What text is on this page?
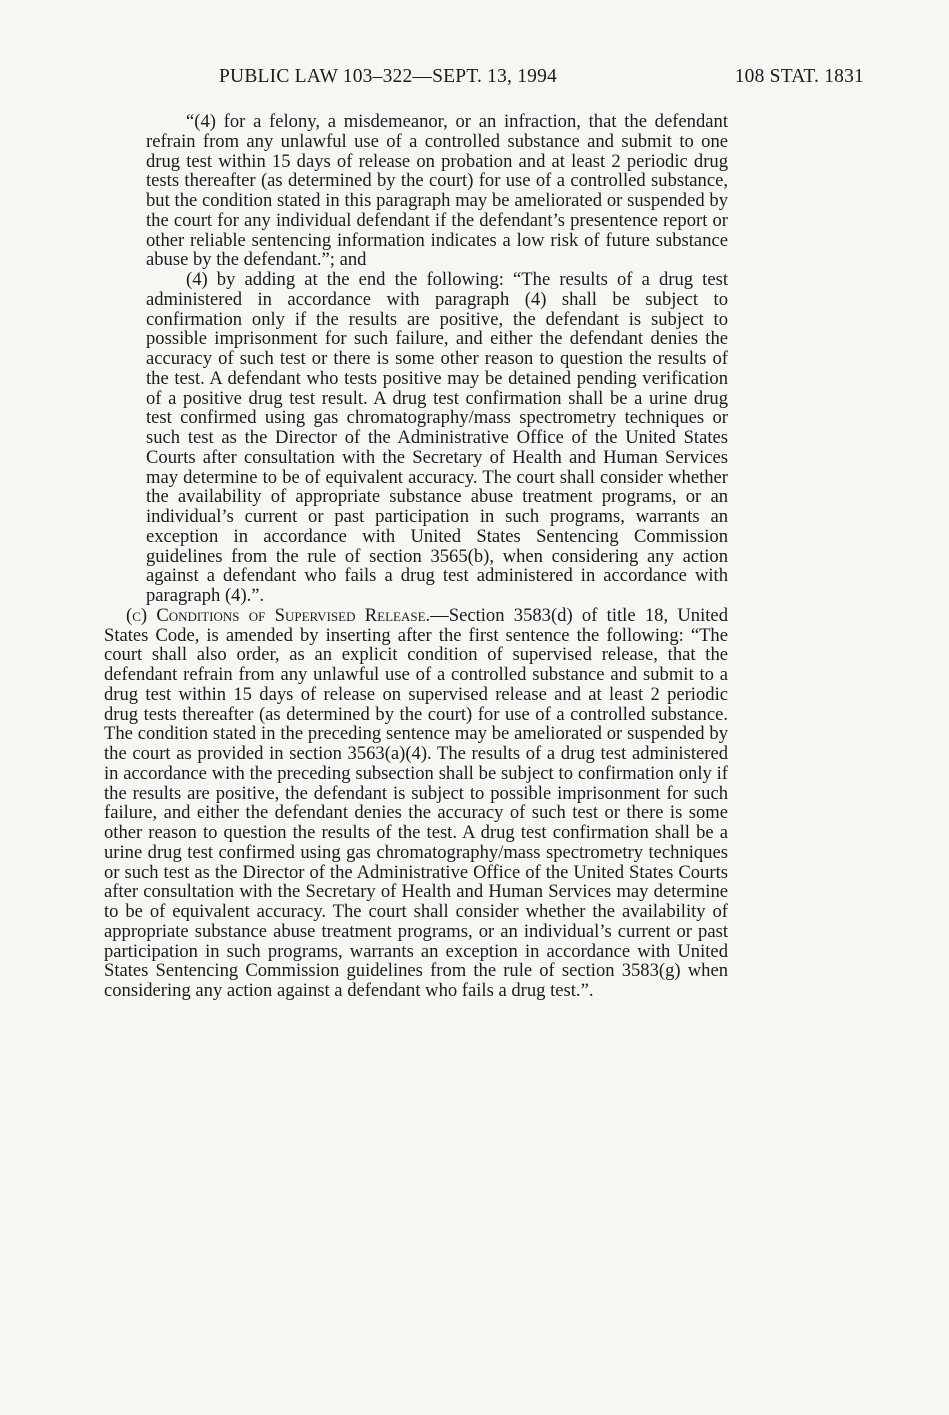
PUBLIC LAW 103–322—SEPT. 13, 1994	108 STAT. 1831

“(4) for a felony, a misdemeanor, or an infraction, that the defendant refrain from any unlawful use of a controlled substance and submit to one drug test within 15 days of release on probation and at least 2 periodic drug tests thereafter (as determined by the court) for use of a controlled substance, but the condition stated in this paragraph may be ameliorated or suspended by the court for any individual defendant if the defendant’s presentence report or other reliable sentencing information indicates a low risk of future substance abuse by the defendant.”; and

(4) by adding at the end the following: “The results of a drug test administered in accordance with paragraph (4) shall be subject to confirmation only if the results are positive, the defendant is subject to possible imprisonment for such failure, and either the defendant denies the accuracy of such test or there is some other reason to question the results of the test. A defendant who tests positive may be detained pending verification of a positive drug test result. A drug test confirmation shall be a urine drug test confirmed using gas chromatography/mass spectrometry techniques or such test as the Director of the Administrative Office of the United States Courts after consultation with the Secretary of Health and Human Services may determine to be of equivalent accuracy. The court shall consider whether the availability of appropriate substance abuse treatment programs, or an individual’s current or past participation in such programs, warrants an exception in accordance with United States Sentencing Commission guidelines from the rule of section 3565(b), when considering any action against a defendant who fails a drug test administered in accordance with paragraph (4).”.

(c) Conditions of Supervised Release.—Section 3583(d) of title 18, United States Code, is amended by inserting after the first sentence the following: “The court shall also order, as an explicit condition of supervised release, that the defendant refrain from any unlawful use of a controlled substance and submit to a drug test within 15 days of release on supervised release and at least 2 periodic drug tests thereafter (as determined by the court) for use of a controlled substance. The condition stated in the preceding sentence may be ameliorated or suspended by the court as provided in section 3563(a)(4). The results of a drug test administered in accordance with the preceding subsection shall be subject to confirmation only if the results are positive, the defendant is subject to possible imprisonment for such failure, and either the defendant denies the accuracy of such test or there is some other reason to question the results of the test. A drug test confirmation shall be a urine drug test confirmed using gas chromatography/mass spectrometry techniques or such test as the Director of the Administrative Office of the United States Courts after consultation with the Secretary of Health and Human Services may determine to be of equivalent accuracy. The court shall consider whether the availability of appropriate substance abuse treatment programs, or an individual’s current or past participation in such programs, warrants an exception in accordance with United States Sentencing Commission guidelines from the rule of section 3583(g) when considering any action against a defendant who fails a drug test.”.
